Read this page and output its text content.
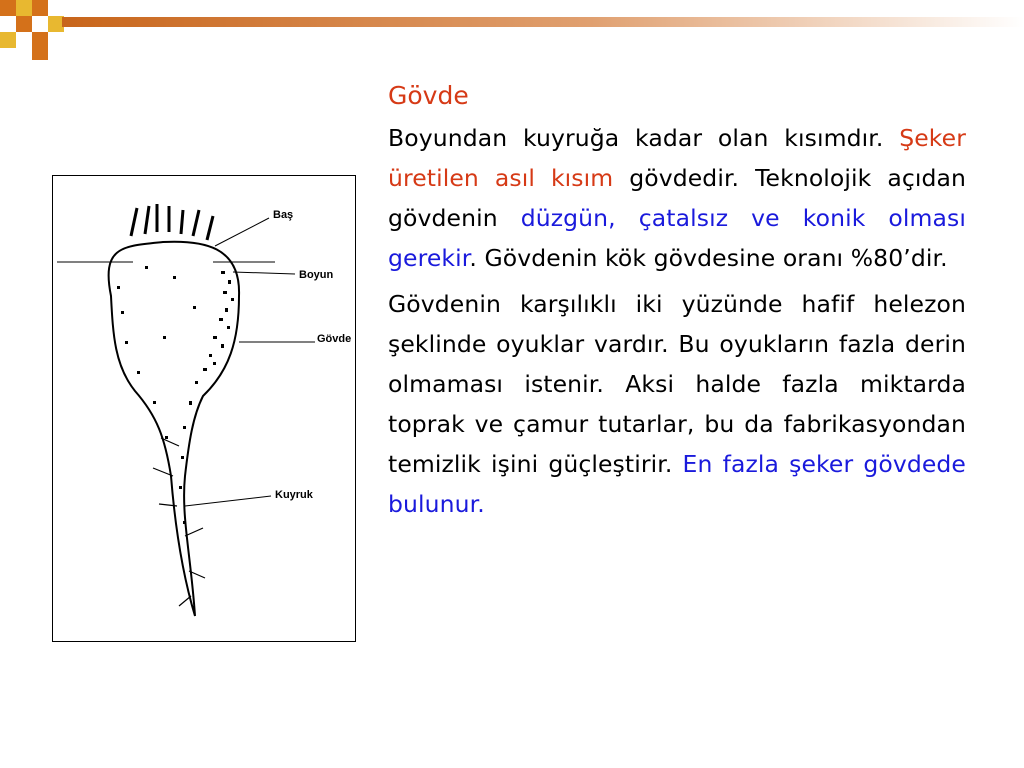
Baş
Boyun
Gövde
Kuyruk
Gövde

Boyundan kuyruğa kadar olan kısımdır. Şeker üretilen asıl kısım gövdedir. Teknolojik açıdan gövdenin düzgün, çatalsız ve konik olması gerekir. Gövdenin kök gövdesine oranı %80’dir.

Gövdenin karşılıklı iki yüzünde hafif helezon şeklinde oyuklar vardır. Bu oyukların fazla derin olmaması istenir. Aksi halde fazla miktarda toprak ve çamur tutarlar, bu da fabrikasyondan temizlik işini güçleştirir. En fazla şeker gövdede bulunur.
